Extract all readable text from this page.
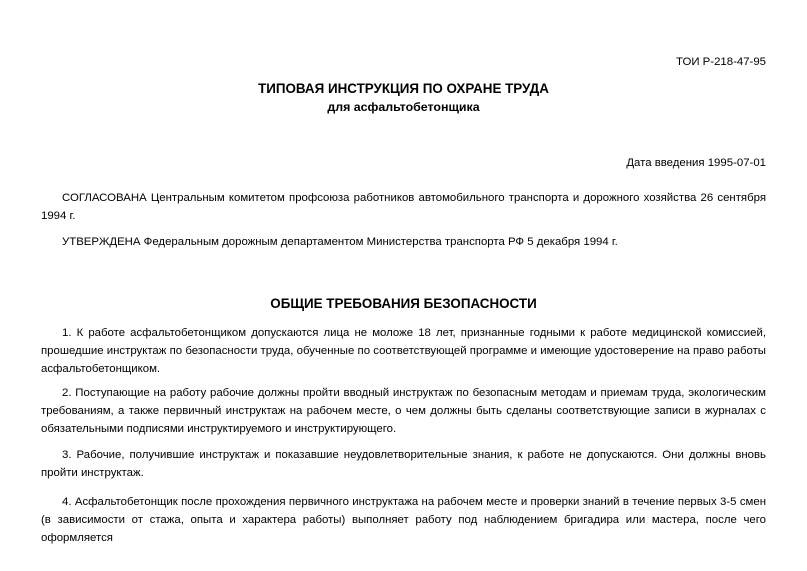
ТОИ Р-218-47-95
ТИПОВАЯ ИНСТРУКЦИЯ ПО ОХРАНЕ ТРУДА
для асфальтобетонщика
Дата введения 1995-07-01
СОГЛАСОВАНА Центральным комитетом профсоюза работников автомобильного транспорта и дорожного хозяйства 26 сентября 1994 г.
УТВЕРЖДЕНА Федеральным дорожным департаментом Министерства транспорта РФ 5 декабря 1994 г.
ОБЩИЕ ТРЕБОВАНИЯ БЕЗОПАСНОСТИ
1. К работе асфальтобетонщиком допускаются лица не моложе 18 лет, признанные годными к работе медицинской комиссией, прошедшие инструктаж по безопасности труда, обученные по соответствующей программе и имеющие удостоверение на право работы асфальтобетонщиком.
2. Поступающие на работу рабочие должны пройти вводный инструктаж по безопасным методам и приемам труда, экологическим требованиям, а также первичный инструктаж на рабочем месте, о чем должны быть сделаны соответствующие записи в журналах с обязательными подписями инструктируемого и инструктирующего.
3. Рабочие, получившие инструктаж и показавшие неудовлетворительные знания, к работе не допускаются. Они должны вновь пройти инструктаж.
4. Асфальтобетонщик после прохождения первичного инструктажа на рабочем месте и проверки знаний в течение первых 3-5 смен (в зависимости от стажа, опыта и характера работы) выполняет работу под наблюдением бригадира или мастера, после чего оформляется
